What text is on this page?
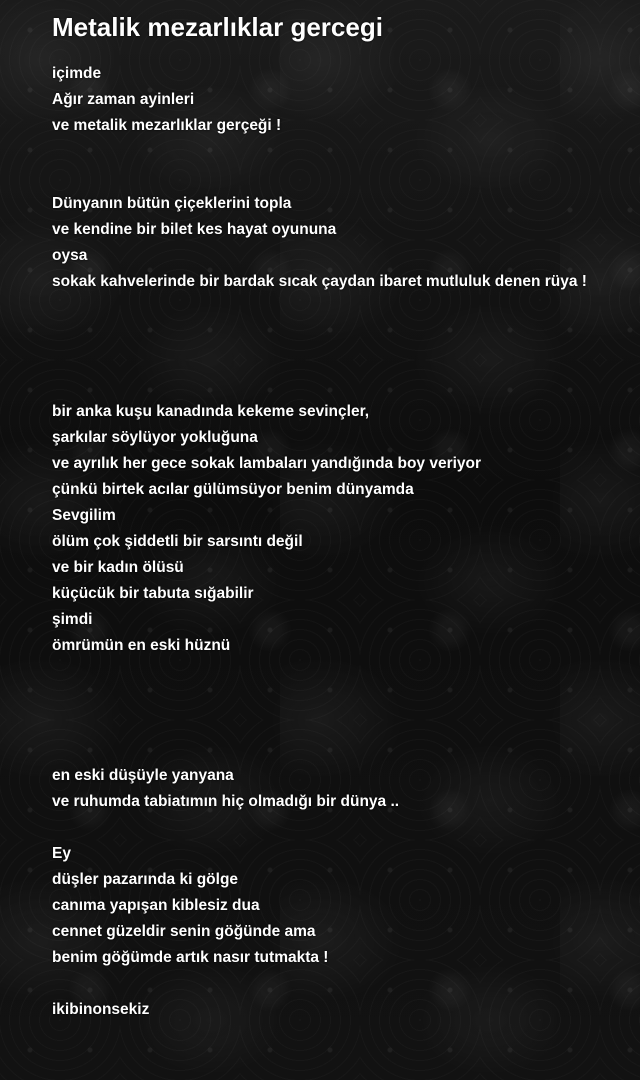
Metalik mezarlıklar gercegi
içimde
Ağır zaman ayinleri
ve metalik mezarlıklar gerçeği !
Dünyanın bütün çiçeklerini topla
ve kendine bir bilet kes hayat oyununa
oysa
sokak kahvelerinde bir bardak sıcak çaydan ibaret mutluluk denen rüya !
bir anka kuşu kanadında kekeme sevinçler,
şarkılar söylüyor yokluğuna
ve ayrılık her gece sokak lambaları yandığında boy veriyor
çünkü birtek acılar gülümsüyor benim dünyamda
Sevgilim
ölüm çok şiddetli bir sarsıntı değil
ve bir kadın ölüsü
küçücük bir tabuta sığabilir
şimdi
ömrümün en eski hüznü
en eski düşüyle yanyana
ve ruhumda tabiatımın hiç olmadığı bir dünya ..
Ey
düşler pazarında ki gölge
canıma yapışan kiblesiz dua
cennet güzeldir senin göğünde ama
benim göğümde artık nasır tutmakta !
ikibinonsekiz
